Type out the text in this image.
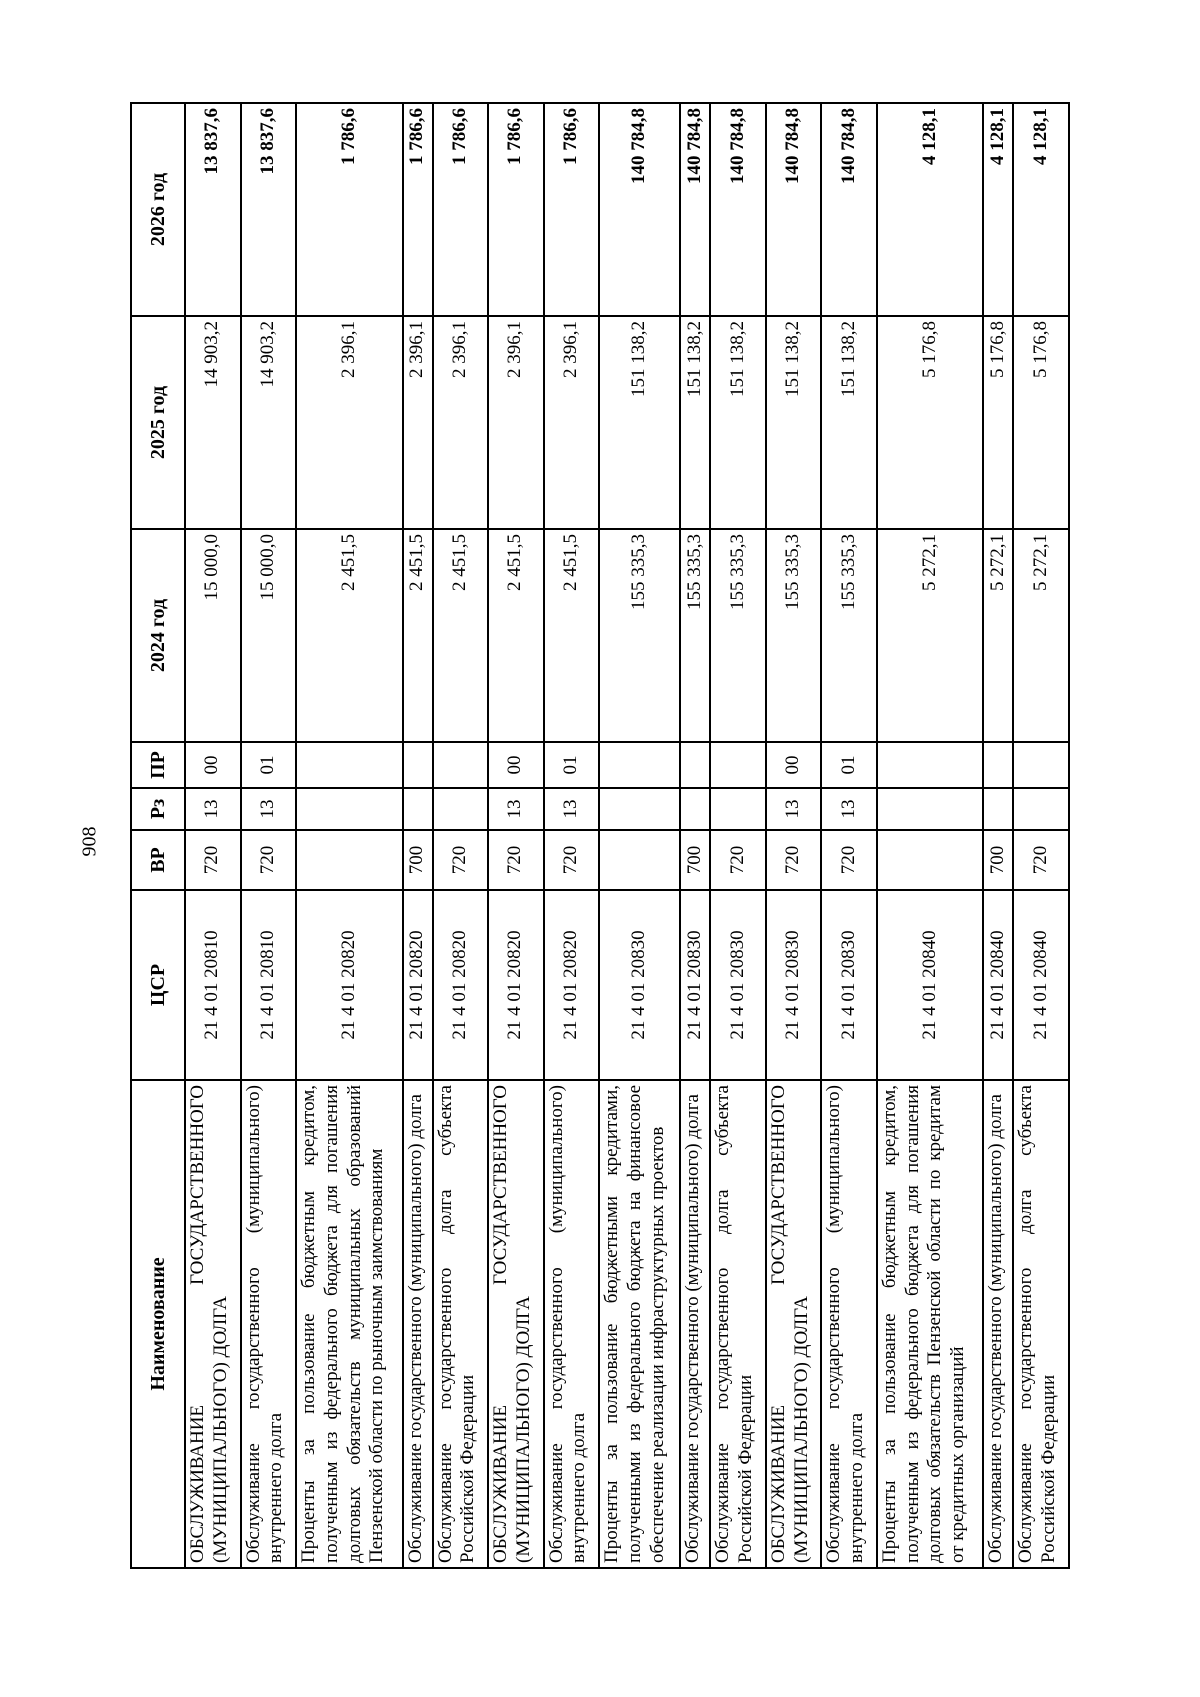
908
Наименование	ЦСР	ВР	Рз	ПР	2024 год	2025 год	2026 год
ОБСЛУЖИВАНИЕ ГОСУДАРСТВЕННОГО (МУНИЦИПАЛЬНОГО) ДОЛГА	21 4 01 20810	720	13	00	15 000,0	14 903,2	13 837,6
Обслуживание государственного (муниципального) внутреннего долга	21 4 01 20810	720	13	01	15 000,0	14 903,2	13 837,6
Проценты за пользование бюджетным кредитом, полученным из федерального бюджета для погашения долговых обязательств муниципальных образований Пензенской области по рыночным заимствованиям	21 4 01 20820				2 451,5	2 396,1	1 786,6
Обслуживание государственного (муниципального) долга	21 4 01 20820	700			2 451,5	2 396,1	1 786,6
Обслуживание государственного долга субъекта Российской Федерации	21 4 01 20820	720			2 451,5	2 396,1	1 786,6
ОБСЛУЖИВАНИЕ ГОСУДАРСТВЕННОГО (МУНИЦИПАЛЬНОГО) ДОЛГА	21 4 01 20820	720	13	00	2 451,5	2 396,1	1 786,6
Обслуживание государственного (муниципального) внутреннего долга	21 4 01 20820	720	13	01	2 451,5	2 396,1	1 786,6
Проценты за пользование бюджетными кредитами, полученными из федерального бюджета на финансовое обеспечение реализации инфраструктурных проектов	21 4 01 20830				155 335,3	151 138,2	140 784,8
Обслуживание государственного (муниципального) долга	21 4 01 20830	700			155 335,3	151 138,2	140 784,8
Обслуживание государственного долга субъекта Российской Федерации	21 4 01 20830	720			155 335,3	151 138,2	140 784,8
ОБСЛУЖИВАНИЕ ГОСУДАРСТВЕННОГО (МУНИЦИПАЛЬНОГО) ДОЛГА	21 4 01 20830	720	13	00	155 335,3	151 138,2	140 784,8
Обслуживание государственного (муниципального) внутреннего долга	21 4 01 20830	720	13	01	155 335,3	151 138,2	140 784,8
Проценты за пользование бюджетным кредитом, полученным из федерального бюджета для погашения долговых обязательств Пензенской области по кредитам от кредитных организаций	21 4 01 20840				5 272,1	5 176,8	4 128,1
Обслуживание государственного (муниципального) долга	21 4 01 20840	700			5 272,1	5 176,8	4 128,1
Обслуживание государственного долга субъекта Российской Федерации	21 4 01 20840	720			5 272,1	5 176,8	4 128,1
